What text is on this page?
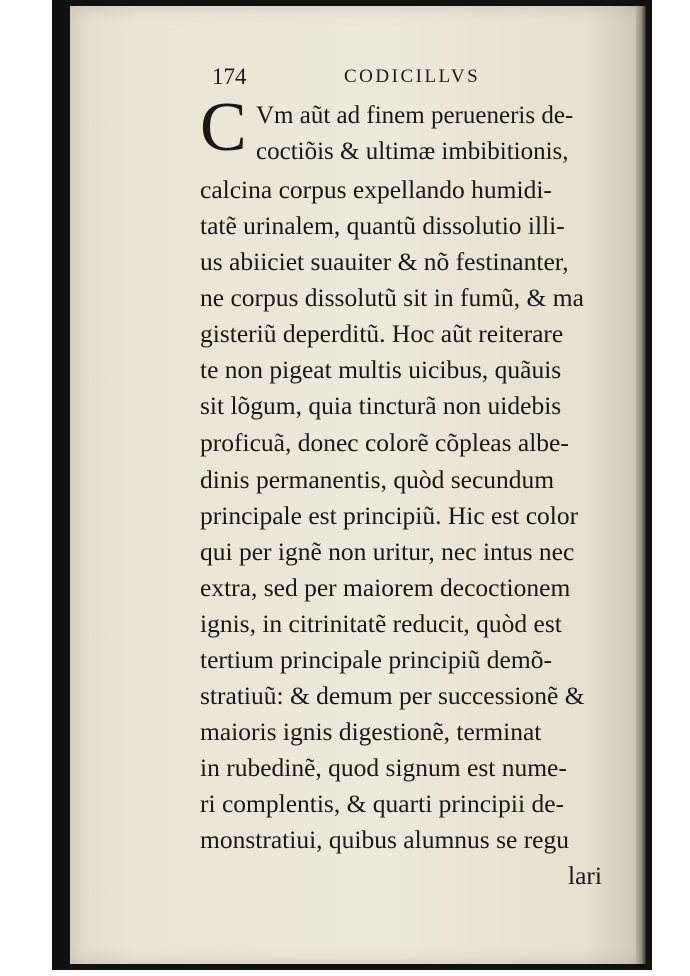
174	CODICILLVS
C Vm aũt ad finem perueneris de-
coctiõis & ultimæ imbibitionis,
calcina corpus expellando humidi-
tatẽ urinalem, quantũ dissolutio illi-
us abiiciet suauiter & nõ festinanter,
ne corpus dissolutũ sit in fumũ, & ma
gisteriũ deperditũ. Hoc aũt reiterare
te non pigeat multis uicibus, quãuis
sit lõgum, quia tincturã non uidebis
proficuã, donec colorẽ cõpleas albe-
dinis permanentis, quòd secundum
principale est principiũ. Hic est color
qui per ignẽ non uritur, nec intus nec
extra, sed per maiorem decoctionem
ignis, in citrinitatẽ reducit, quòd est
tertium principale principiũ demõ-
stratiuũ: & demum per successionẽ &
maioris ignis digestionẽ, terminat
in rubedinẽ, quod signum est nume-
ri complentis, & quarti principii de-
monstratiui, quibus alumnus se regu
lari
